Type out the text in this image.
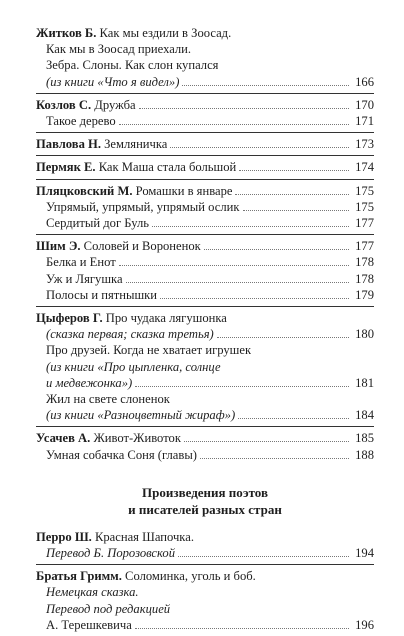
Житков Б. Как мы ездили в Зоосад.
Как мы в Зоосад приехали.
Зебра. Слоны. Как слон купался
(из книги «Что я видел»)	166
Козлов С. Дружба	170
Такое дерево	171
Павлова Н. Земляничка	173
Пермяк Е. Как Маша стала большой	174
Пляцковский М. Ромашки в январе	175
Упрямый, упрямый, упрямый ослик	175
Сердитый дог Буль	177
Шим Э. Соловей и Вороненок	177
Белка и Енот	178
Уж и Лягушка	178
Полосы и пятнышки	179
Цыферов Г. Про чудака лягушонка
(сказка первая; сказка третья)	180
Про друзей. Когда не хватает игрушек
(из книги «Про цыпленка, солнце
и медвежонка»)	181
Жил на свете слоненок
(из книги «Разноцветный жираф»)	184
Усачев А. Живот-Животок	185
Умная собачка Соня (главы)	188
Произведения поэтов
и писателей разных стран
Перро Ш. Красная Шапочка.
Перевод Б. Порозовской	194
Братья Гримм. Соломинка, уголь и боб.
Немецкая сказка.
Перевод под редакцией
А. Терешкевича	196
